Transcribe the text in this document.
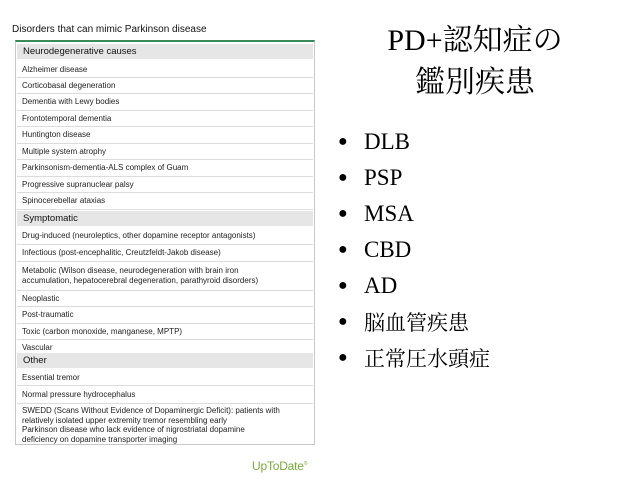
Disorders that can mimic Parkinson disease
Neurodegenerative causes
Alzheimer disease
Corticobasal degeneration
Dementia with Lewy bodies
Frontotemporal dementia
Huntington disease
Multiple system atrophy
Parkinsonism-dementia-ALS complex of Guam
Progressive supranuclear palsy
Spinocerebellar ataxias
Symptomatic
Drug-induced (neuroleptics, other dopamine receptor antagonists)
Infectious (post-encephalitic, Creutzfeldt-Jakob disease)
Metabolic (Wilson disease, neurodegeneration with brain iron
accumulation, hepatocerebral degeneration, parathyroid disorders)
Neoplastic
Post-traumatic
Toxic (carbon monoxide, manganese, MPTP)
Vascular
Other
Essential tremor
Normal pressure hydrocephalus
SWEDD (Scans Without Evidence of Dopaminergic Deficit): patients with
relatively isolated upper extremity tremor resembling early
Parkinson disease who lack evidence of nigrostriatal dopamine
deficiency on dopamine transporter imaging
UpToDate®
PD+認知症の
鑑別疾患
● DLB
● PSP
● MSA
● CBD
● AD
● 脳血管疾患
● 正常圧水頭症
